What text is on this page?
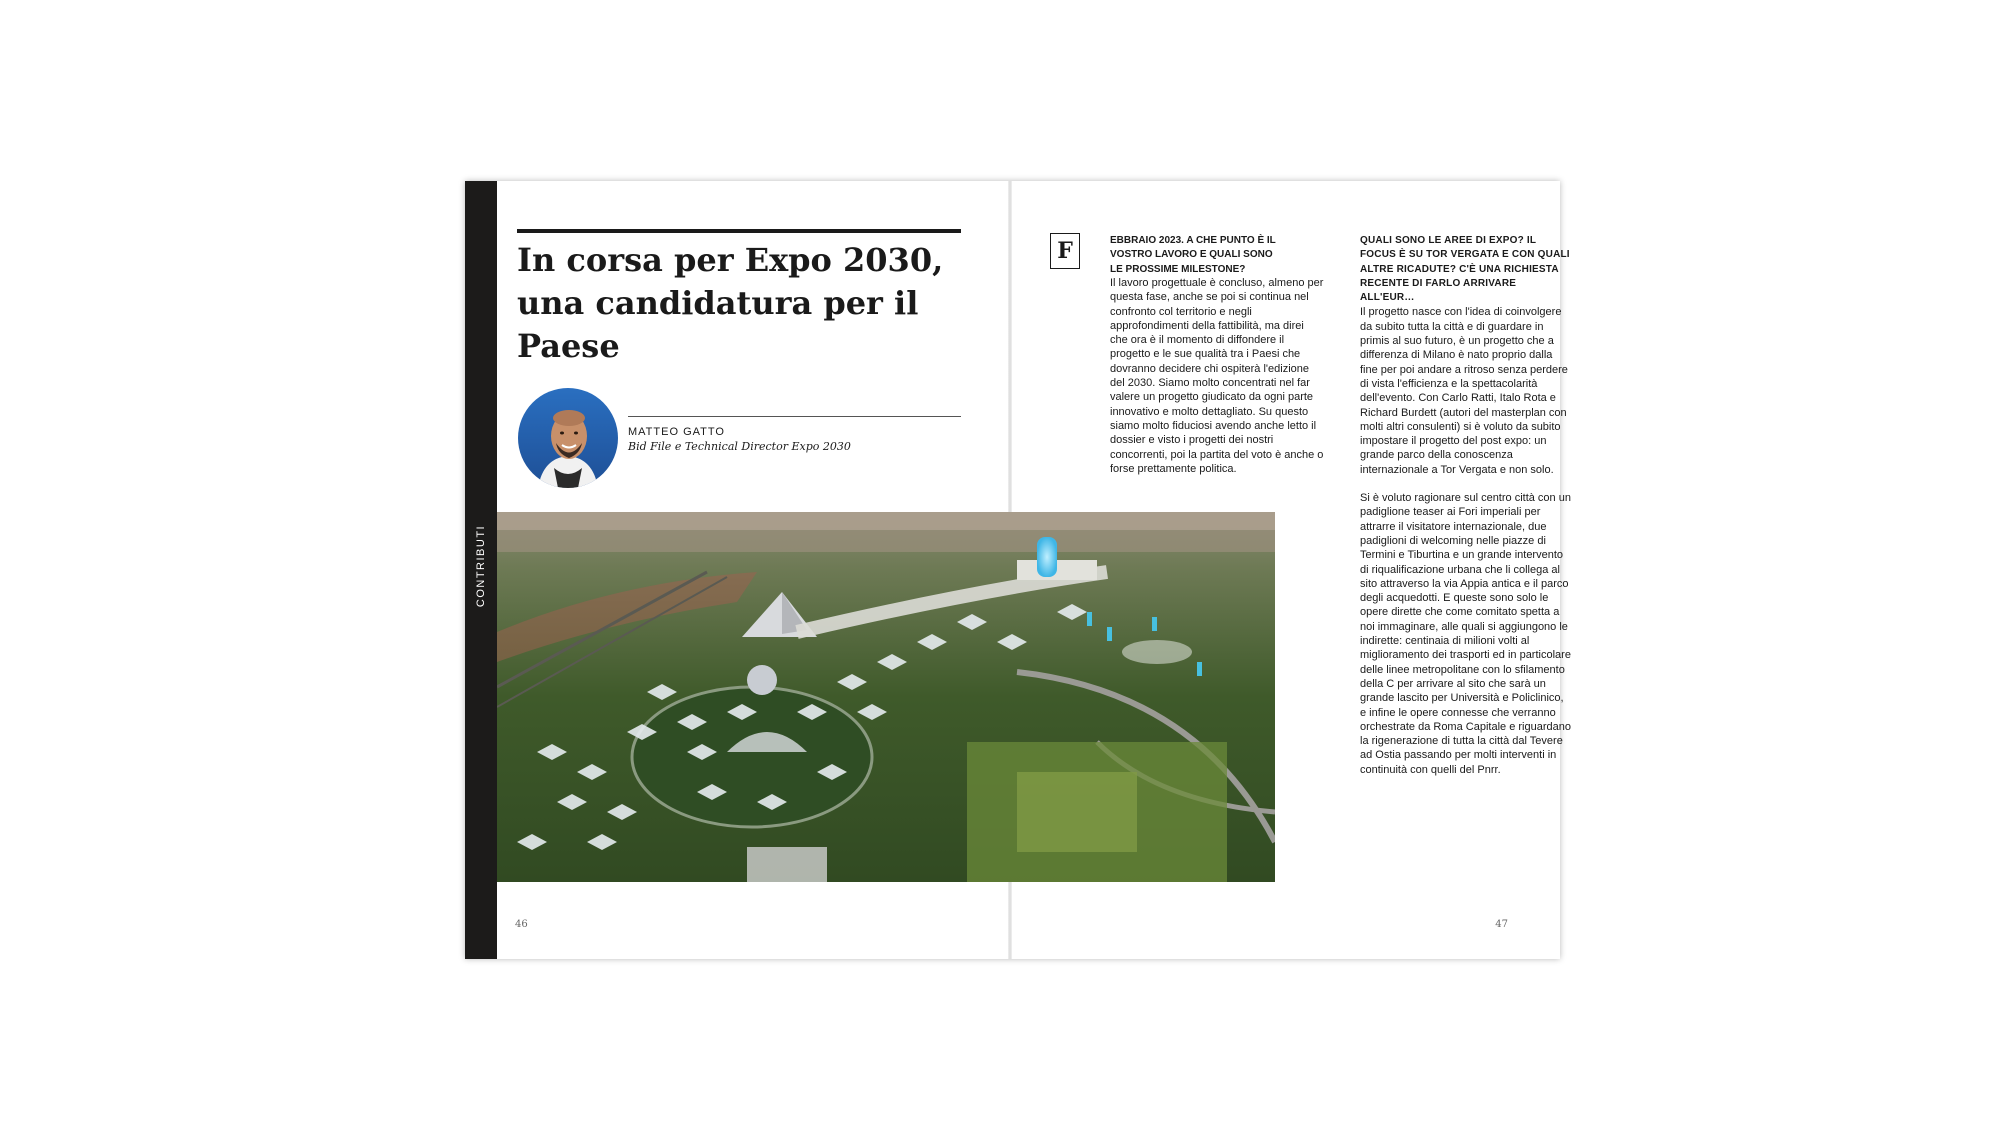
CONTRIBUTI
In corsa per Expo 2030, una candidatura per il Paese
MATTEO GATTO
Bid File e Technical Director Expo 2030
46
F	EBBRAIO 2023. A CHE PUNTO È IL VOSTRO LAVORO E QUALI SONO LE PROSSIME MILESTONE?

Il lavoro progettuale è concluso, almeno per questa fase, anche se poi si continua nel confronto col territorio e negli approfondimenti della fattibilità, ma direi che ora è il momento di diffondere il progetto e le sue qualità tra i Paesi che dovranno decidere chi ospiterà l'edizione del 2030. Siamo molto concentrati nel far valere un progetto giudicato da ogni parte innovativo e molto dettagliato. Su questo siamo molto fiduciosi avendo anche letto il dossier e visto i progetti dei nostri concorrenti, poi la partita del voto è anche o forse prettamente politica.

QUALI SONO LE AREE DI EXPO? IL FOCUS È SU TOR VERGATA E CON QUALI ALTRE RICADUTE? C'È UNA RICHIESTA RECENTE DI FARLO ARRIVARE ALL'EUR…

Il progetto nasce con l'idea di coinvolgere da subito tutta la città e di guardare in primis al suo futuro, è un progetto che a differenza di Milano è nato proprio dalla fine per poi andare a ritroso senza perdere di vista l'efficienza e la spettacolarità dell'evento. Con Carlo Ratti, Italo Rota e Richard Burdett (autori del masterplan con molti altri consulenti) si è voluto da subito impostare il progetto del post expo: un grande parco della conoscenza internazionale a Tor Vergata e non solo.

Si è voluto ragionare sul centro città con un padiglione teaser ai Fori imperiali per attrarre il visitatore internazionale, due padiglioni di welcoming nelle piazze di Termini e Tiburtina e un grande intervento di riqualificazione urbana che li collega al sito attraverso la via Appia antica e il parco degli acquedotti. E queste sono solo le opere dirette che come comitato spetta a noi immaginare, alle quali si aggiungono le indirette: centinaia di milioni volti al miglioramento dei trasporti ed in particolare delle linee metropolitane con lo sfilamento della C per arrivare al sito che sarà un grande lascito per Università e Policlinico, e infine le opere connesse che verranno orchestrate da Roma Capitale e riguardano la rigenerazione di tutta la città dal Tevere ad Ostia passando per molti interventi in continuità con quelli del Pnrr.

47
